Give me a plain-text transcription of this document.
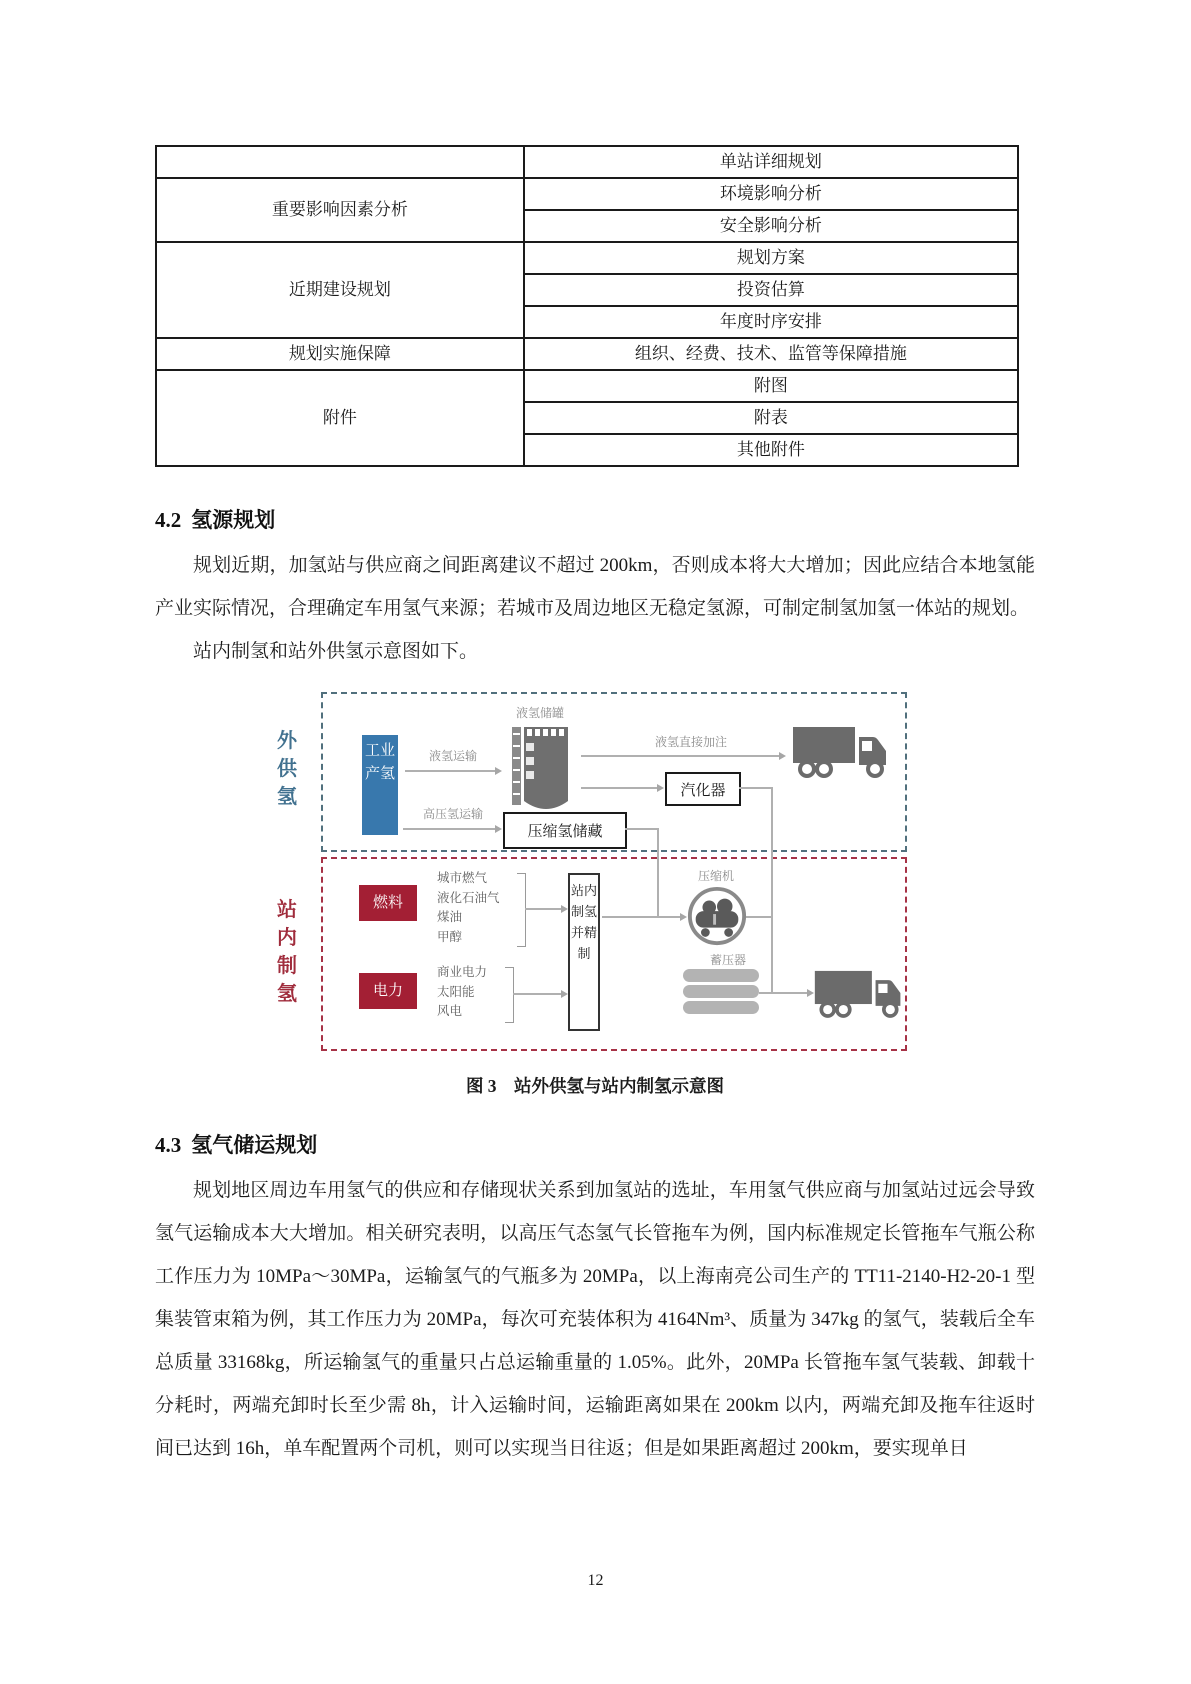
	单站详细规划
重要影响因素分析	环境影响分析
	安全影响分析
近期建设规划	规划方案
	投资估算
	年度时序安排
规划实施保障	组织、经费、技术、监管等保障措施
附件	附图
	附表
	其他附件
4.2 氢源规划

规划近期，加氢站与供应商之间距离建议不超过 200km，否则成本将大大增加；因此应结合本地氢能产业实际情况，合理确定车用氢气来源；若城市及周边地区无稳定氢源，可制定制氢加氢一体站的规划。

站内制氢和站外供氢示意图如下。

外供氢
站内制氢
工业产氢
液氢运输
液氢储罐
液氢直接加注
汽化器
高压氢运输
压缩氢储藏
燃料
城市燃气
液化石油气
煤油
甲醇
电力
商业电力
太阳能
风电
站内制氢并精制
压缩机
蓄压器
图 3　站外供氢与站内制氢示意图
4.3 氢气储运规划

规划地区周边车用氢气的供应和存储现状关系到加氢站的选址，车用氢气供应商与加氢站过远会导致氢气运输成本大大增加。相关研究表明，以高压气态氢气长管拖车为例，国内标准规定长管拖车气瓶公称工作压力为 10MPa～30MPa，运输氢气的气瓶多为 20MPa，以上海南亮公司生产的 TT11-2140-H2-20-1 型集装管束箱为例，其工作压力为 20MPa，每次可充装体积为 4164Nm³、质量为 347kg 的氢气，装载后全车总质量 33168kg，所运输氢气的重量只占总运输重量的 1.05%。此外，20MPa 长管拖车氢气装载、卸载十分耗时，两端充卸时长至少需 8h，计入运输时间，运输距离如果在 200km 以内，两端充卸及拖车往返时间已达到 16h，单车配置两个司机，则可以实现当日往返；但是如果距离超过 200km，要实现单日

12
